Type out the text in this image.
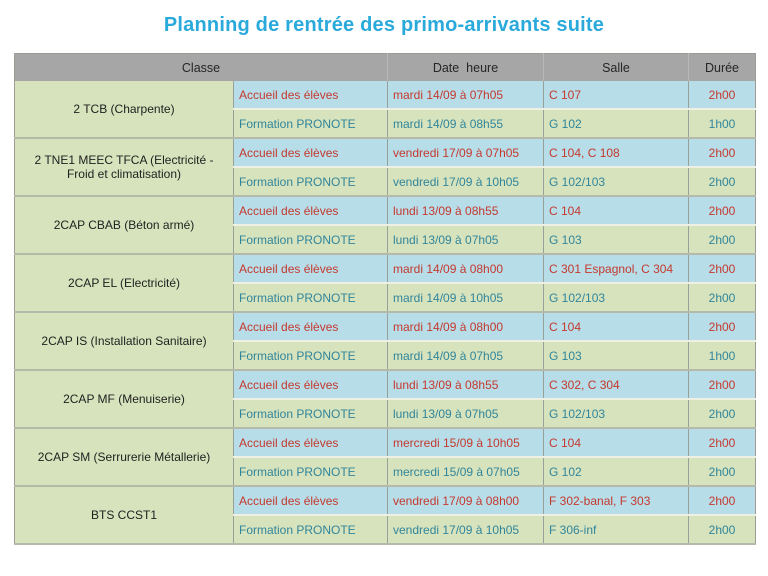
Planning de rentrée des primo-arrivants suite
Classe		Date  heure	Salle	Durée
2 TCB (Charpente)	Accueil des élèves	mardi 14/09 à 07h05	C 107	2h00
	Formation PRONOTE	mardi 14/09 à 08h55	G 102	1h00
2 TNE1 MEEC TFCA (Electricité -Froid et climatisation)	Accueil des élèves	vendredi 17/09 à 07h05	C 104, C 108	2h00
	Formation PRONOTE	vendredi 17/09 à 10h05	G 102/103	2h00
2CAP CBAB (Béton armé)	Accueil des élèves	lundi 13/09 à 08h55	C 104	2h00
	Formation PRONOTE	lundi 13/09 à 07h05	G 103	2h00
2CAP EL (Electricité)	Accueil des élèves	mardi 14/09 à 08h00	C 301 Espagnol, C 304	2h00
	Formation PRONOTE	mardi 14/09 à 10h05	G 102/103	2h00
2CAP IS (Installation Sanitaire)	Accueil des élèves	mardi 14/09 à 08h00	C 104	2h00
	Formation PRONOTE	mardi 14/09 à 07h05	G 103	1h00
2CAP MF (Menuiserie)	Accueil des élèves	lundi 13/09 à 08h55	C 302, C 304	2h00
	Formation PRONOTE	lundi 13/09 à 07h05	G 102/103	2h00
2CAP SM (Serrurerie Métallerie)	Accueil des élèves	mercredi 15/09 à 10h05	C 104	2h00
	Formation PRONOTE	mercredi 15/09 à 07h05	G 102	2h00
BTS CCST1	Accueil des élèves	vendredi 17/09 à 08h00	F 302-banal, F 303	2h00
	Formation PRONOTE	vendredi 17/09 à 10h05	F 306-inf	2h00
